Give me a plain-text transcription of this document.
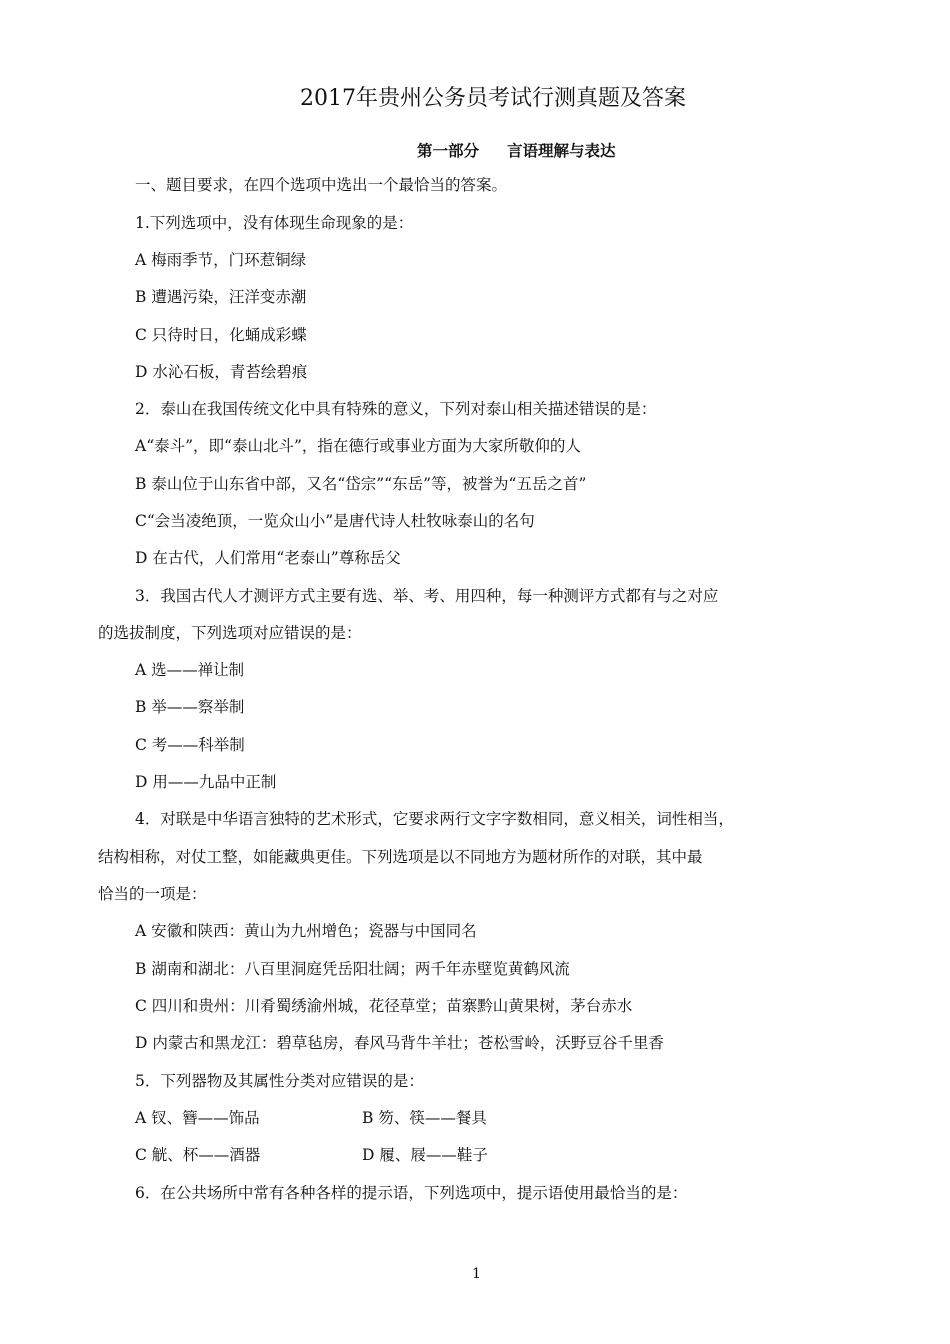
2017年贵州公务员考试行测真题及答案
第一部分 言语理解与表达
一、题目要求，在四个选项中选出一个最恰当的答案。
1.下列选项中，没有体现生命现象的是：
A 梅雨季节，门环惹铜绿
B 遭遇污染，汪洋变赤潮
C 只待时日，化蛹成彩蝶
D 水沁石板，青苔绘碧痕
2．泰山在我国传统文化中具有特殊的意义，下列对泰山相关描述错误的是：
A“泰斗”，即“泰山北斗”，指在德行或事业方面为大家所敬仰的人
B 泰山位于山东省中部，又名“岱宗”“东岳”等，被誉为“五岳之首”
C“会当凌绝顶，一览众山小”是唐代诗人杜牧咏泰山的名句
D 在古代，人们常用“老泰山”尊称岳父
3．我国古代人才测评方式主要有选、举、考、用四种，每一种测评方式都有与之对应
的选拔制度，下列选项对应错误的是：
A 选——禅让制
B 举——察举制
C 考——科举制
D 用——九品中正制
4．对联是中华语言独特的艺术形式，它要求两行文字字数相同，意义相关，词性相当，
结构相称，对仗工整，如能藏典更佳。下列选项是以不同地方为题材所作的对联，其中最
恰当的一项是：
A 安徽和陕西：黄山为九州增色；瓷器与中国同名
B 湖南和湖北：八百里洞庭凭岳阳壮阔；两千年赤壁览黄鹤风流
C 四川和贵州：川肴蜀绣渝州城，花径草堂；苗寨黔山黄果树，茅台赤水
D 内蒙古和黑龙江：碧草毡房，春风马背牛羊壮；苍松雪岭，沃野豆谷千里香
5．下列器物及其属性分类对应错误的是：
A 钗、簪——饰品	B 笏、筷——餐具
C 觥、杯——酒器	D 履、屐——鞋子
6．在公共场所中常有各种各样的提示语，下列选项中，提示语使用最恰当的是：
1
